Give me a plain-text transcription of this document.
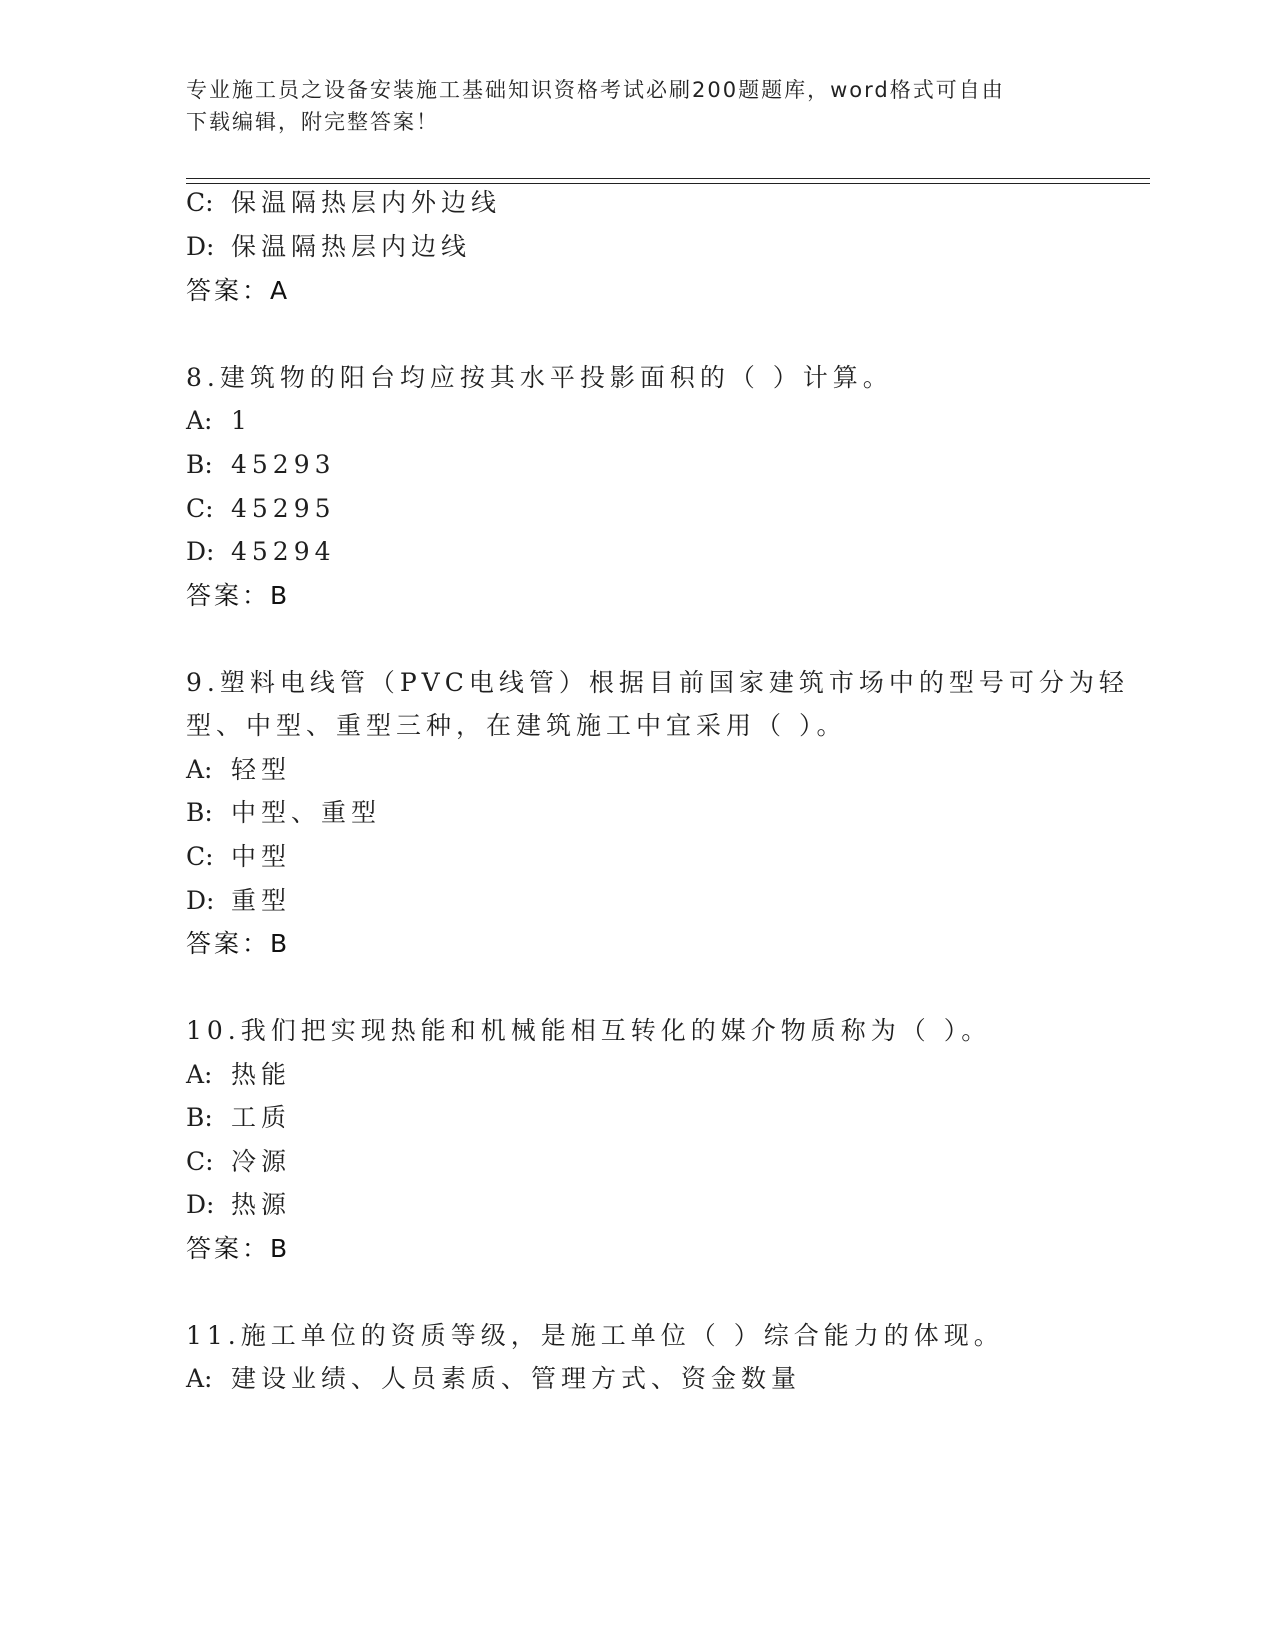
专业施工员之设备安装施工基础知识资格考试必刷200题题库，word格式可自由
下载编辑，附完整答案！
C: 保温隔热层内外边线
D: 保温隔热层内边线
答案：A
8.建筑物的阳台均应按其水平投影面积的（ ）计算。
A: 1
B: 45293
C: 45295
D: 45294
答案：B
9.塑料电线管（PVC电线管）根据目前国家建筑市场中的型号可分为轻
型、中型、重型三种，在建筑施工中宜采用（ ）。
A: 轻型
B: 中型、重型
C: 中型
D: 重型
答案：B
10.我们把实现热能和机械能相互转化的媒介物质称为（ ）。
A: 热能
B: 工质
C: 冷源
D: 热源
答案：B
11.施工单位的资质等级，是施工单位（ ）综合能力的体现。
A: 建设业绩、人员素质、管理方式、资金数量
